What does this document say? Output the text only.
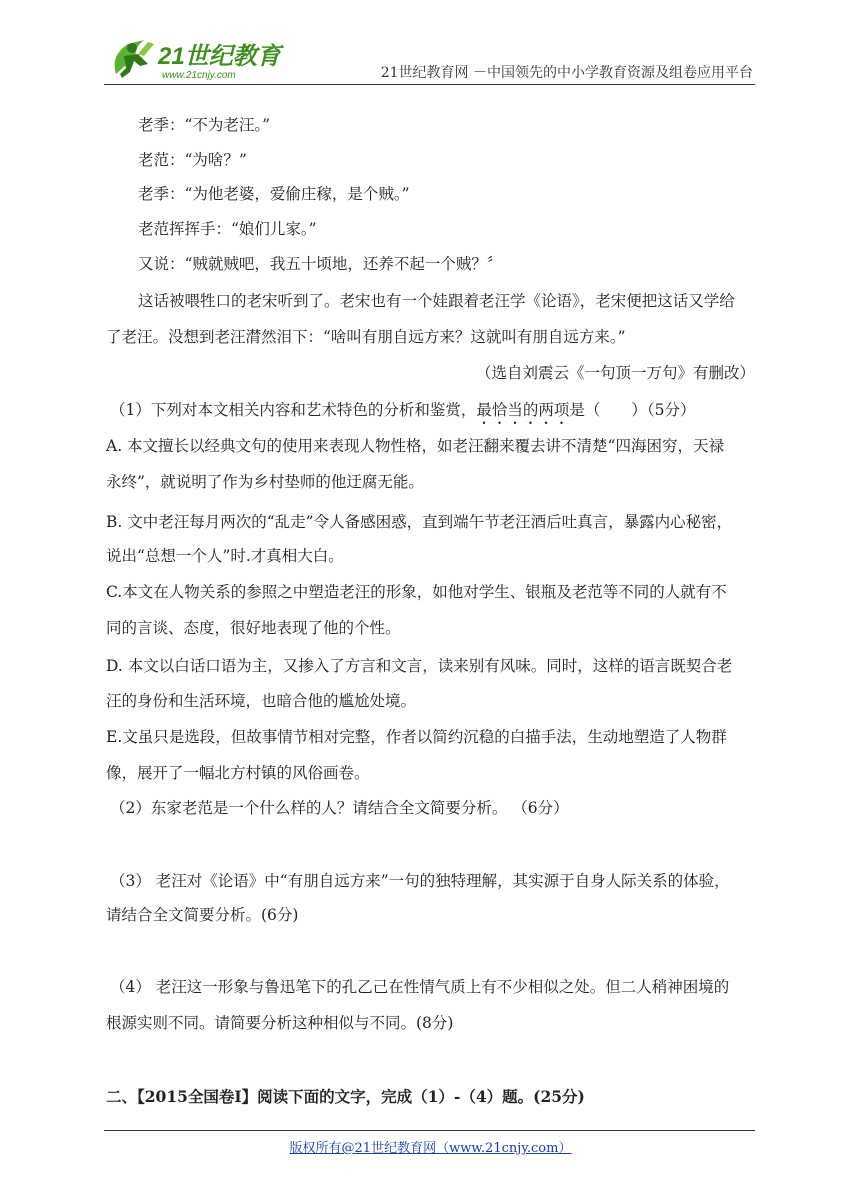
21世纪教育
www.21cnjy.com	21世纪教育网 －中国领先的中小学教育资源及组卷应用平台
老季：“不为老汪。”
老范：“为啥？”
老季：“为他老婆，爱偷庄稼，是个贼。”
老范挥挥手：“娘们儿家。”
又说：“贼就贼吧，我五十顷地，还养不起一个贼？〞
这话被喂牲口的老宋听到了。老宋也有一个娃跟着老汪学《论语》，老宋便把这话又学给
了老汪。没想到老汪潸然泪下：“啥叫有朋自远方来？这就叫有朋自远方来。”
（选自刘震云《一句顶一万句》有删改）
（1）下列对本文相关内容和艺术特色的分析和鉴赏，最恰当的两项是（　　）（5分）
A. 本文擅长以经典文句的使用来表现人物性格，如老汪翻来覆去讲不清楚“四海困穷，天禄
永终”，就说明了作为乡村垫师的他迂腐无能。
B. 文中老汪每月两次的“乱走”令人备感困惑，直到端午节老汪酒后吐真言，暴露内心秘密，
说出“总想一个人”时.才真相大白。
C.本文在人物关系的参照之中塑造老汪的形象，如他对学生、银瓶及老范等不同的人就有不
同的言谈、态度，很好地表现了他的个性。
D. 本文以白话口语为主，又掺入了方言和文言，读来别有风味。同时，这样的语言既契合老
汪的身份和生活环境，也暗合他的尴尬处境。
E.文虽只是选段，但故事情节相对完整，作者以简约沉稳的白描手法，生动地塑造了人物群
像，展开了一幅北方村镇的风俗画卷。
（2）东家老范是一个什么样的人？请结合全文简要分析。 （6分）
（3） 老汪对《论语》中“有朋自远方来”一句的独特理解，其实源于自身人际关系的体验，
请结合全文简要分析。(6分)
（4） 老汪这一形象与鲁迅笔下的孔乙己在性情气质上有不少相似之处。但二人稍神困境的
根源实则不同。请简要分析这种相似与不同。(8分)
二、【2015全国卷Ⅰ】阅读下面的文字，完成（1）-（4）题。(25分)
版权所有@21世纪教育网（www.21cnjy.com）
